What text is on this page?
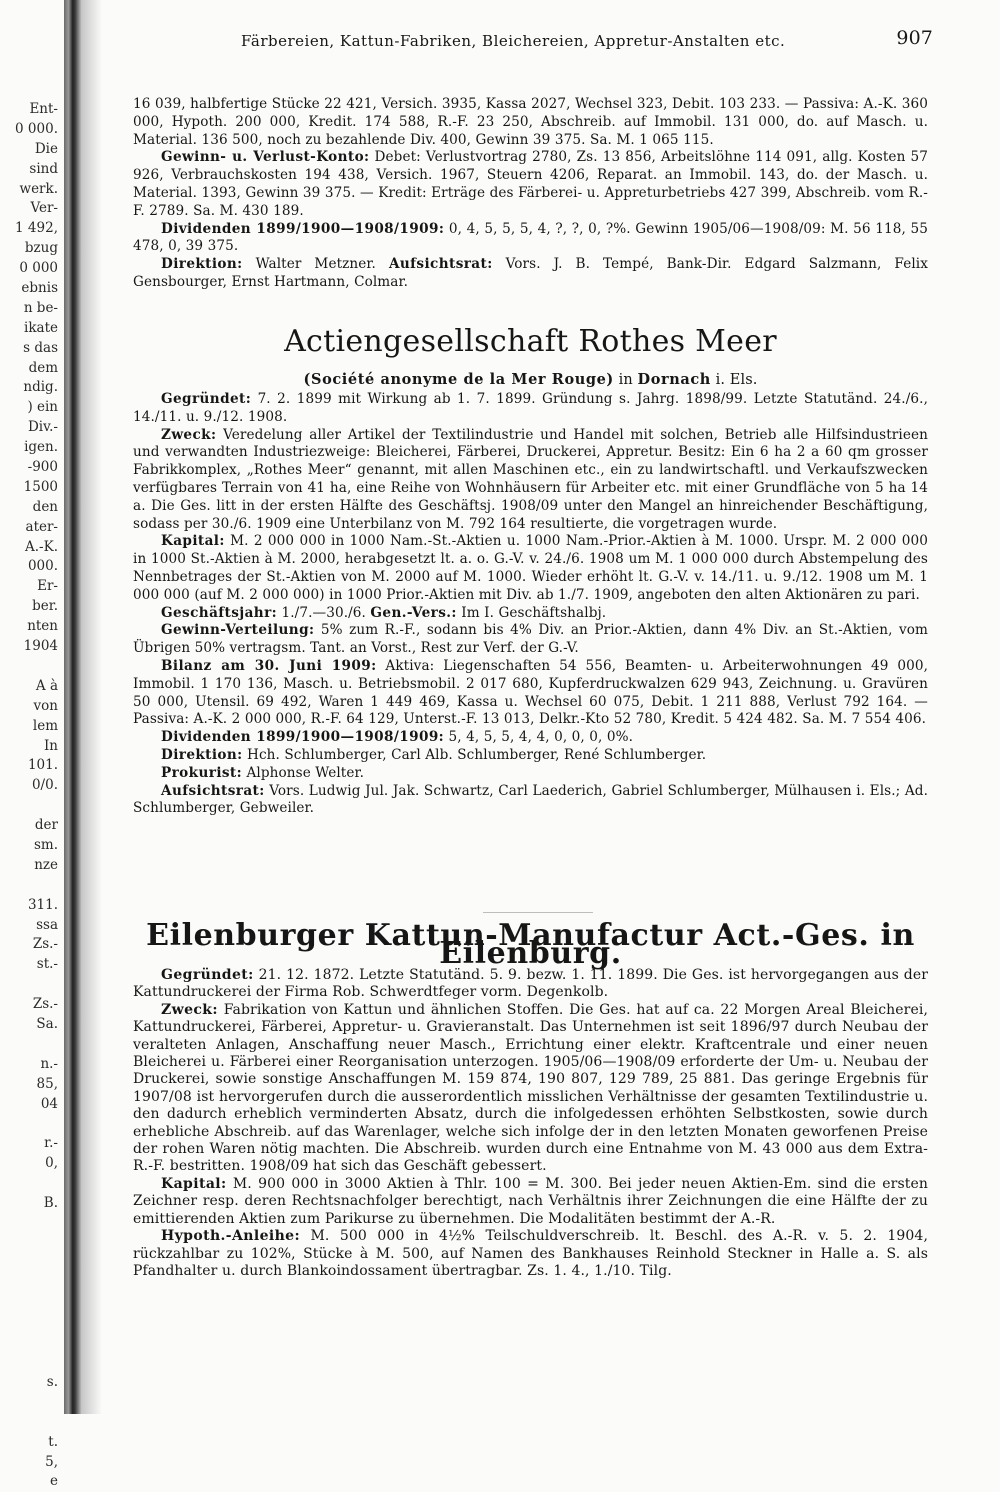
Ent-
0 000.
Die
sind
werk.
Ver-
1 492,
bzug
0 000
ebnis
n be-
ikate
s das
dem
ndig.
) ein
Div.-
igen.
-900
1500
den
ater-
A.-K.
000.
Er-
ber.
nten
1904
A à
von
lem
In
101.
0/0.
der
sm.
nze
311.
ssa
Zs.-
st.-
Zs.-
Sa.
n.-
85,
04
r.-
0,
B.
s.
t.
5,
e
Färbereien, Kattun-Fabriken, Bleichereien, Appretur-Anstalten etc.	907

16 039, halbfertige Stücke 22 421, Versich. 3935, Kassa 2027, Wechsel 323, Debit. 103 233. — Passiva: A.-K. 360 000, Hypoth. 200 000, Kredit. 174 588, R.-F. 23 250, Abschreib. auf Immobil. 131 000, do. auf Masch. u. Material. 136 500, noch zu bezahlende Div. 400, Gewinn 39 375. Sa. M. 1 065 115.

Gewinn- u. Verlust-Konto: Debet: Verlustvortrag 2780, Zs. 13 856, Arbeitslöhne 114 091, allg. Kosten 57 926, Verbrauchskosten 194 438, Versich. 1967, Steuern 4206, Reparat. an Immobil. 143, do. der Masch. u. Material. 1393, Gewinn 39 375. — Kredit: Erträge des Färberei- u. Appreturbetriebs 427 399, Abschreib. vom R.-F. 2789. Sa. M. 430 189.

Dividenden 1899/1900—1908/1909: 0, 4, 5, 5, 5, 4, ?, ?, 0, ?%. Gewinn 1905/06—1908/09: M. 56 118, 55 478, 0, 39 375.

Direktion: Walter Metzner. Aufsichtsrat: Vors. J. B. Tempé, Bank-Dir. Edgard Salzmann, Felix Gensbourger, Ernst Hartmann, Colmar.

Actiengesellschaft Rothes Meer
(Société anonyme de la Mer Rouge) in Dornach i. Els.

Gegründet: 7. 2. 1899 mit Wirkung ab 1. 7. 1899. Gründung s. Jahrg. 1898/99. Letzte Statutänd. 24./6., 14./11. u. 9./12. 1908.

Zweck: Veredelung aller Artikel der Textilindustrie und Handel mit solchen, Betrieb alle Hilfsindustrieen und verwandten Industriezweige: Bleicherei, Färberei, Druckerei, Appretur. Besitz: Ein 6 ha 2 a 60 qm grosser Fabrikkomplex, „Rothes Meer“ genannt, mit allen Maschinen etc., ein zu landwirtschaftl. und Verkaufszwecken verfügbares Terrain von 41 ha, eine Reihe von Wohnhäusern für Arbeiter etc. mit einer Grundfläche von 5 ha 14 a. Die Ges. litt in der ersten Hälfte des Geschäftsj. 1908/09 unter den Mangel an hinreichender Beschäftigung, sodass per 30./6. 1909 eine Unterbilanz von M. 792 164 resultierte, die vorgetragen wurde.

Kapital: M. 2 000 000 in 1000 Nam.-St.-Aktien u. 1000 Nam.-Prior.-Aktien à M. 1000. Urspr. M. 2 000 000 in 1000 St.-Aktien à M. 2000, herabgesetzt lt. a. o. G.-V. v. 24./6. 1908 um M. 1 000 000 durch Abstempelung des Nennbetrages der St.-Aktien von M. 2000 auf M. 1000. Wieder erhöht lt. G.-V. v. 14./11. u. 9./12. 1908 um M. 1 000 000 (auf M. 2 000 000) in 1000 Prior.-Aktien mit Div. ab 1./7. 1909, angeboten den alten Aktionären zu pari.

Geschäftsjahr: 1./7.—30./6. Gen.-Vers.: Im I. Geschäftshalbj.

Gewinn-Verteilung: 5% zum R.-F., sodann bis 4% Div. an Prior.-Aktien, dann 4% Div. an St.-Aktien, vom Übrigen 50% vertragsm. Tant. an Vorst., Rest zur Verf. der G.-V.

Bilanz am 30. Juni 1909: Aktiva: Liegenschaften 54 556, Beamten- u. Arbeiterwohnungen 49 000, Immobil. 1 170 136, Masch. u. Betriebsmobil. 2 017 680, Kupferdruckwalzen 629 943, Zeichnung. u. Gravüren 50 000, Utensil. 69 492, Waren 1 449 469, Kassa u. Wechsel 60 075, Debit. 1 211 888, Verlust 792 164. — Passiva: A.-K. 2 000 000, R.-F. 64 129, Unterst.-F. 13 013, Delkr.-Kto 52 780, Kredit. 5 424 482. Sa. M. 7 554 406.

Dividenden 1899/1900—1908/1909: 5, 4, 5, 5, 4, 4, 0, 0, 0, 0%.

Direktion: Hch. Schlumberger, Carl Alb. Schlumberger, René Schlumberger.

Prokurist: Alphonse Welter.

Aufsichtsrat: Vors. Ludwig Jul. Jak. Schwartz, Carl Laederich, Gabriel Schlumberger, Mülhausen i. Els.; Ad. Schlumberger, Gebweiler.

Eilenburger Kattun-Manufactur Act.-Ges. in Eilenburg.

Gegründet: 21. 12. 1872. Letzte Statutänd. 5. 9. bezw. 1. 11. 1899. Die Ges. ist hervorgegangen aus der Kattundruckerei der Firma Rob. Schwerdtfeger vorm. Degenkolb.

Zweck: Fabrikation von Kattun und ähnlichen Stoffen. Die Ges. hat auf ca. 22 Morgen Areal Bleicherei, Kattundruckerei, Färberei, Appretur- u. Gravieranstalt. Das Unternehmen ist seit 1896/97 durch Neubau der veralteten Anlagen, Anschaffung neuer Masch., Errichtung einer elektr. Kraftcentrale und einer neuen Bleicherei u. Färberei einer Reorganisation unterzogen. 1905/06—1908/09 erforderte der Um- u. Neubau der Druckerei, sowie sonstige Anschaffungen M. 159 874, 190 807, 129 789, 25 881. Das geringe Ergebnis für 1907/08 ist hervorgerufen durch die ausserordentlich misslichen Verhältnisse der gesamten Textilindustrie u. den dadurch erheblich verminderten Absatz, durch die infolgedessen erhöhten Selbstkosten, sowie durch erhebliche Abschreib. auf das Warenlager, welche sich infolge der in den letzten Monaten geworfenen Preise der rohen Waren nötig machten. Die Abschreib. wurden durch eine Entnahme von M. 43 000 aus dem Extra-R.-F. bestritten. 1908/09 hat sich das Geschäft gebessert.

Kapital: M. 900 000 in 3000 Aktien à Thlr. 100 = M. 300. Bei jeder neuen Aktien-Em. sind die ersten Zeichner resp. deren Rechtsnachfolger berechtigt, nach Verhältnis ihrer Zeichnungen die eine Hälfte der zu emittierenden Aktien zum Parikurse zu übernehmen. Die Modalitäten bestimmt der A.-R.

Hypoth.-Anleihe: M. 500 000 in 4½% Teilschuldverschreib. lt. Beschl. des A.-R. v. 5. 2. 1904, rückzahlbar zu 102%, Stücke à M. 500, auf Namen des Bankhauses Reinhold Steckner in Halle a. S. als Pfandhalter u. durch Blankoindossament übertragbar. Zs. 1. 4., 1./10. Tilg.
